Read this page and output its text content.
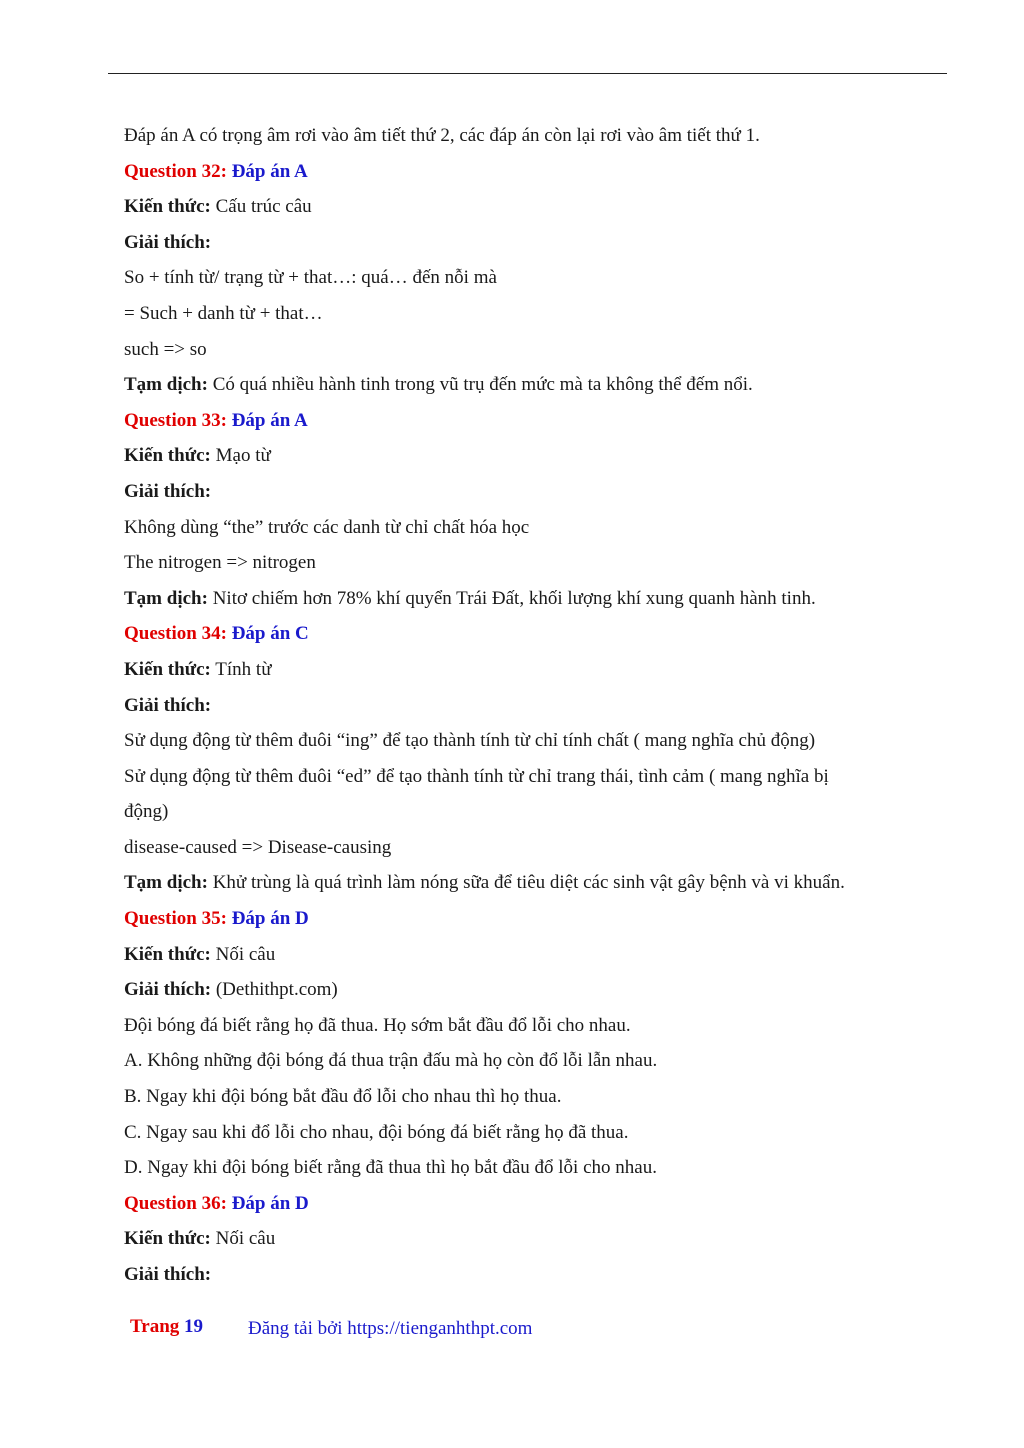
Đáp án A có trọng âm rơi vào âm tiết thứ 2, các đáp án còn lại rơi vào âm tiết thứ 1.
Question 32: Đáp án A
Kiến thức: Cấu trúc câu
Giải thích:
So + tính từ/ trạng từ + that…: quá… đến nỗi mà
= Such + danh từ + that…
such => so
Tạm dịch: Có quá nhiều hành tinh trong vũ trụ đến mức mà ta không thể đếm nổi.
Question 33: Đáp án A
Kiến thức: Mạo từ
Giải thích:
Không dùng “the” trước các danh từ chỉ chất hóa học
The nitrogen => nitrogen
Tạm dịch: Nitơ chiếm hơn 78% khí quyển Trái Đất, khối lượng khí xung quanh hành tinh.
Question 34: Đáp án C
Kiến thức: Tính từ
Giải thích:
Sử dụng động từ thêm đuôi “ing” để tạo thành tính từ chỉ tính chất ( mang nghĩa chủ động)
Sử dụng động từ thêm đuôi “ed” để tạo thành tính từ chỉ trang thái, tình cảm ( mang nghĩa bị
động)
disease-caused => Disease-causing
Tạm dịch: Khử trùng là quá trình làm nóng sữa để tiêu diệt các sinh vật gây bệnh và vi khuẩn.
Question 35: Đáp án D
Kiến thức: Nối câu
Giải thích: (Dethithpt.com)
Đội bóng đá biết rằng họ đã thua. Họ sớm bắt đầu đổ lỗi cho nhau.
A. Không những đội bóng đá thua trận đấu mà họ còn đổ lỗi lẫn nhau.
B. Ngay khi đội bóng bắt đầu đổ lỗi cho nhau thì họ thua.
C. Ngay sau khi đổ lỗi cho nhau, đội bóng đá biết rằng họ đã thua.
D. Ngay khi đội bóng biết rằng đã thua thì họ bắt đầu đổ lỗi cho nhau.
Question 36: Đáp án D
Kiến thức: Nối câu
Giải thích:
Trang 19 Đăng tải bởi https://tienganhthpt.com
